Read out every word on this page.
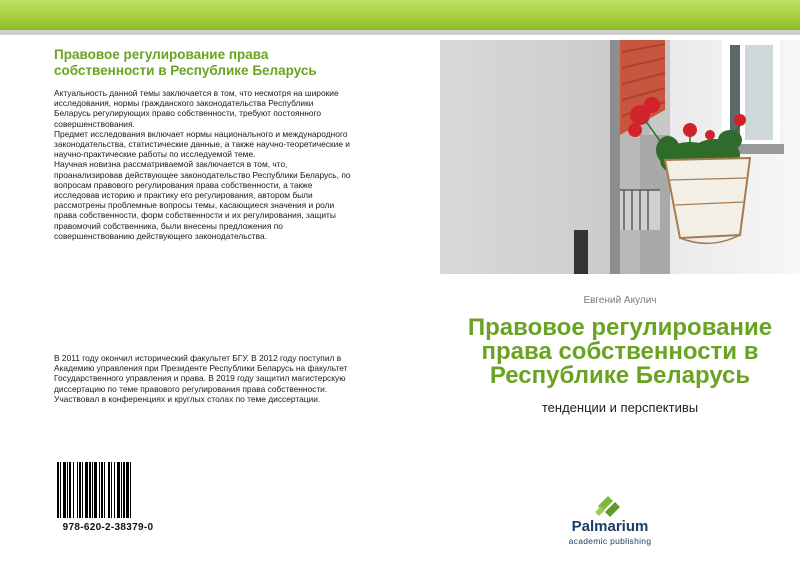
Правовое регулирование права
собственности в Республике Беларусь

Актуальность данной темы заключается в том, что несмотря на широкие исследования, нормы гражданского законодательства Республики Беларусь регулирующих право собственности, требуют постоянного совершенствования.

Предмет исследования включает нормы национального и международного законодательства, статистические данные, а также научно-теоретические и научно-практические работы по исследуемой теме.

Научная новизна рассматриваемой заключается в том, что, проанализировав действующее законодательство Республики Беларусь, по вопросам правового регулирования права собственности, а также исследовав историю и практику его регулирования, автором были рассмотрены проблемные вопросы темы, касающиеся значения и роли права собственности, форм собственности и их регулирования, защиты правомочий собственника, были внесены предложения по совершенствованию действующего законодательства.

В 2011 году окончил исторический факультет БГУ. В 2012 году поступил в Академию управления при Президенте Республики Беларусь на факультет Государственного управления и права. В 2019 году защитил магистерскую диссертацию по теме правового регулирования права собственности. Участвовал в конференциях и круглых столах по теме диссертации.

978-620-2-38379-0
Евгений Акулич
Правовое регулирование
права собственности в
Республике Беларусь
тенденции и перспективы
Palmarium
academic publishing
